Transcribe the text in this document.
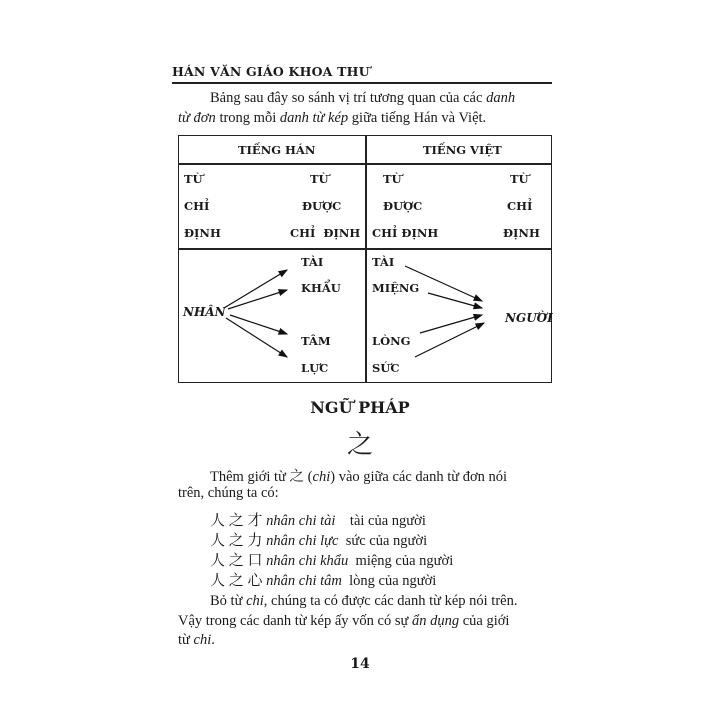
HÁN VĂN GIÁO KHOA THƯ
Bảng sau đây so sánh vị trí tương quan của các danh
từ đơn trong mỗi danh từ kép giữa tiếng Hán và Việt.
TIẾNG HÁN	TIẾNG VIỆT
TỪ
CHỈ
ĐỊNH
TỪ
ĐƯỢC
CHỈ  ĐỊNH
TỪ
ĐƯỢC
CHỈ ĐỊNH
TỪ
CHỈ
ĐỊNH
NHÂN
TÀI
KHẨU
TÂM
LỰC
TÀI
MIỆNG
LÒNG
SỨC
NGƯỜI
NGỮ PHÁP
之
Thêm giới từ 之 (chi) vào giữa các danh từ đơn nói
trên, chúng ta có:
人 之 才 nhân chi tài tài của người
人 之 力 nhân chi lực sức của người
人 之 口 nhân chi khẩu miệng của người
人 之 心 nhân chi tâm lòng của người
Bỏ từ chi, chúng ta có được các danh từ kép nói trên.
Vậy trong các danh từ kép ấy vốn có sự ẩn dụng của giới
từ chi.
14
